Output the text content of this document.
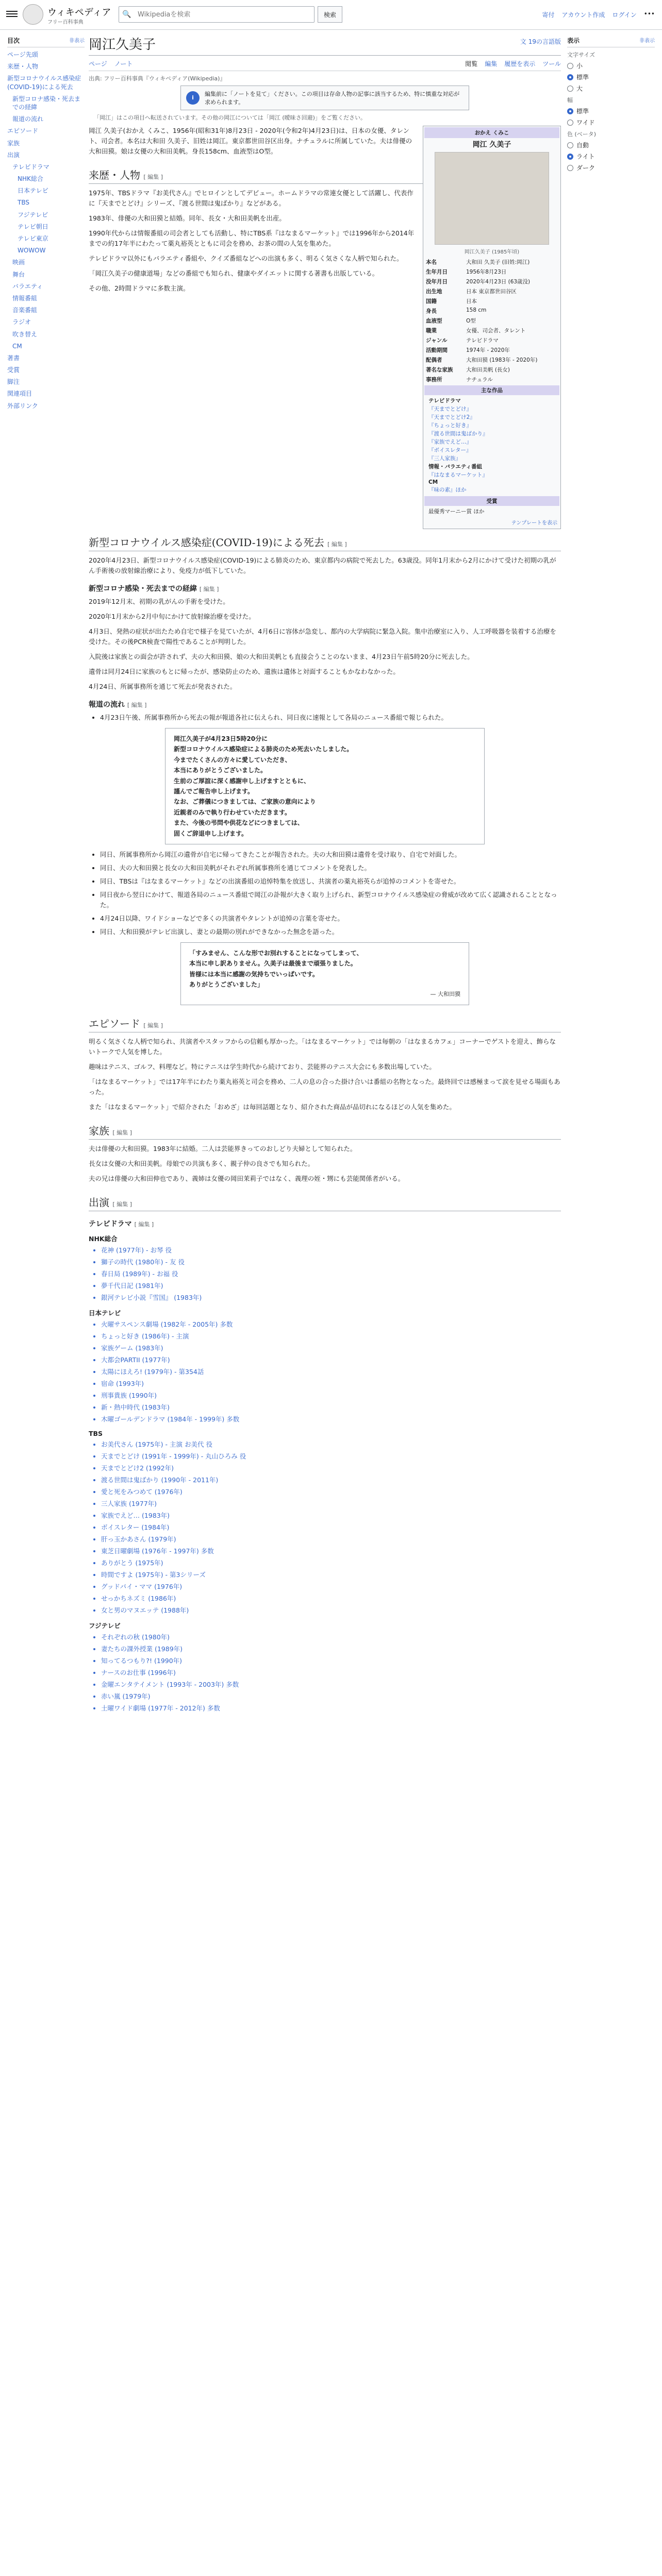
ウィキペディア
フリー百科事典
🔍
Wikipediaを検索	検索	寄付 アカウント作成 ログイン •••
目次	非表示
ページ先頭
来歴・人物
新型コロナウイルス感染症(COVID-19)による死去
新型コロナ感染・死去までの経緯
報道の流れ
エピソード
家族
出演
テレビドラマ
NHK総合
日本テレビ
TBS
フジテレビ
テレビ朝日
テレビ東京
WOWOW
映画
舞台
バラエティ
情報番組
音楽番組
ラジオ
吹き替え
CM
著書
受賞
脚注
関連項目
外部リンク
表示	非表示
文字サイズ
小
標準
大
幅
標準
ワイド
色 (ベータ)
自動
ライト
ダーク
岡江久美子	文 19の言語版
ページ ノート	閲覧 編集 履歴を表示 ツール
出典: フリー百科事典『ウィキペディア(Wikipedia)』
i
編集前に「ノートを見て」ください。この項目は存命人物の記事に該当するため、特に慎重な対応が求められます。
「岡江」はこの項目へ転送されています。その他の岡江については「岡江 (曖昧さ回避)」をご覧ください。
おかえ くみこ
岡江 久美子
岡江久美子 (1985年頃)
本名	大和田 久美子 (旧姓:岡江)
生年月日	1956年8月23日
没年月日	2020年4月23日 (63歳没)
出生地	日本 東京都世田谷区
国籍	日本
身長	158 cm
血液型	O型
職業	女優、司会者、タレント
ジャンル	テレビドラマ
活動期間	1974年 - 2020年
配偶者	大和田獏 (1983年 - 2020年)
著名な家族	大和田美帆 (長女)
事務所	ナチュラル
主な作品
テレビドラマ
『天までとどけ』
『天までとどけ2』
『ちょっと好き』
『渡る世間は鬼ばかり』
『家族でえど…』
『ボイスレター』
『三人家族』
情報・バラエティ番組
『はなまるマーケット』
CM
『味の素』ほか
受賞
最優秀マーニー賞 ほか
テンプレートを表示

岡江 久美子(おかえ くみこ、1956年(昭和31年)8月23日 - 2020年(令和2年)4月23日)は、日本の女優、タレント、司会者。本名は大和田 久美子、旧姓は岡江。東京都世田谷区出身。ナチュラルに所属していた。夫は俳優の大和田獏。娘は女優の大和田美帆。身長158cm、血液型はO型。

来歴・人物 [ 編集 ]

1975年、TBSドラマ『お美代さん』でヒロインとしてデビュー。ホームドラマの常連女優として活躍し、代表作に『天までとどけ』シリーズ、『渡る世間は鬼ばかり』などがある。

1983年、俳優の大和田獏と結婚。同年、長女・大和田美帆を出産。

1990年代からは情報番組の司会者としても活動し、特にTBS系『はなまるマーケット』では1996年から2014年までの約17年半にわたって薬丸裕英とともに司会を務め、お茶の間の人気を集めた。

テレビドラマ以外にもバラエティ番組や、クイズ番組などへの出演も多く、明るく気さくな人柄で知られた。

「岡江久美子の健康道場」などの番組でも知られ、健康やダイエットに関する著書も出版している。

その他、2時間ドラマに多数主演。

新型コロナウイルス感染症(COVID-19)による死去 [ 編集 ]

2020年4月23日、新型コロナウイルス感染症(COVID-19)による肺炎のため、東京都内の病院で死去した。63歳没。同年1月末から2月にかけて受けた初期の乳がん手術後の放射線治療により、免疫力が低下していた。

新型コロナ感染・死去までの経緯 [ 編集 ]

2019年12月末、初期の乳がんの手術を受けた。

2020年1月末から2月中旬にかけて放射線治療を受けた。

4月3日、発熱の症状が出たため自宅で様子を見ていたが、4月6日に容体が急変し、都内の大学病院に緊急入院。集中治療室に入り、人工呼吸器を装着する治療を受けた。その後PCR検査で陽性であることが判明した。

入院後は家族との面会が許されず、夫の大和田獏、娘の大和田美帆とも直接会うことのないまま、4月23日午前5時20分に死去した。

遺骨は同月24日に家族のもとに帰ったが、感染防止のため、遺族は遺体と対面することもかなわなかった。

4月24日、所属事務所を通じて死去が発表された。

報道の流れ [ 編集 ]
• 4月23日午後、所属事務所から死去の報が報道各社に伝えられ、同日夜に速報として各局のニュース番組で報じられた。
岡江久美子が4月23日5時20分に
新型コロナウイルス感染症による肺炎のため死去いたしました。
今までたくさんの方々に愛していただき、
本当にありがとうございました。
生前のご厚誼に深く感謝申し上げますとともに、
謹んでご報告申し上げます。
なお、ご葬儀につきましては、ご家族の意向により
近親者のみで執り行わせていただきます。
また、今後の弔問や供花などにつきましては、
固くご辞退申し上げます。
• 同日、所属事務所から岡江の遺骨が自宅に帰ってきたことが報告された。夫の大和田獏は遺骨を受け取り、自宅で対面した。
• 同日、夫の大和田獏と長女の大和田美帆がそれぞれ所属事務所を通じてコメントを発表した。
• 同日、TBSは『はなまるマーケット』などの出演番組の追悼特集を放送し、共演者の薬丸裕英らが追悼のコメントを寄せた。
• 同日夜から翌日にかけて、報道各局のニュース番組で岡江の訃報が大きく取り上げられ、新型コロナウイルス感染症の脅威が改めて広く認識されることとなった。
• 4月24日以降、ワイドショーなどで多くの共演者やタレントが追悼の言葉を寄せた。
• 同日、大和田獏がテレビ出演し、妻との最期の別れができなかった無念を語った。
「すみません、こんな形でお別れすることになってしまって、
本当に申し訳ありません。久美子は最後まで頑張りました。
皆様には本当に感謝の気持ちでいっぱいです。
ありがとうございました」
— 大和田獏
エピソード [ 編集 ]

明るく気さくな人柄で知られ、共演者やスタッフからの信頼も厚かった。「はなまるマーケット」では毎朝の「はなまるカフェ」コーナーでゲストを迎え、飾らないトークで人気を博した。

趣味はテニス、ゴルフ、料理など。特にテニスは学生時代から続けており、芸能界のテニス大会にも多数出場していた。

「はなまるマーケット」では17年半にわたり薬丸裕英と司会を務め、二人の息の合った掛け合いは番組の名物となった。最終回では感極まって涙を見せる場面もあった。

また「はなまるマーケット」で紹介された「おめざ」は毎回話題となり、紹介された商品が品切れになるほどの人気を集めた。

家族 [ 編集 ]

夫は俳優の大和田獏。1983年に結婚。二人は芸能界きってのおしどり夫婦として知られた。

長女は女優の大和田美帆。母娘での共演も多く、親子仲の良さでも知られた。

夫の兄は俳優の大和田伸也であり、義姉は女優の岡田茉莉子ではなく、義理の姪・甥にも芸能関係者がいる。

出演 [ 編集 ]
テレビドラマ [ 編集 ]
NHK総合
• 花神 (1977年) - お琴 役
• 獅子の時代 (1980年) - 友 役
• 春日局 (1989年) - お福 役
• 夢千代日記 (1981年)
• 銀河テレビ小説『雪国』 (1983年)
日本テレビ
• 火曜サスペンス劇場 (1982年 - 2005年) 多数
• ちょっと好き (1986年) - 主演
• 家族ゲーム (1983年)
• 大都会PARTII (1977年)
• 太陽にほえろ! (1979年) - 第354話
• 宿命 (1993年)
• 刑事貴族 (1990年)
• 新・熱中時代 (1983年)
• 木曜ゴールデンドラマ (1984年 - 1999年) 多数
TBS
• お美代さん (1975年) - 主演 お美代 役
• 天までとどけ (1991年 - 1999年) - 丸山ひろみ 役
• 天までとどけ2 (1992年)
• 渡る世間は鬼ばかり (1990年 - 2011年)
• 愛と死をみつめて (1976年)
• 三人家族 (1977年)
• 家族でえど… (1983年)
• ボイスレター (1984年)
• 肝っ玉かあさん (1979年)
• 東芝日曜劇場 (1976年 - 1997年) 多数
• ありがとう (1975年)
• 時間ですよ (1975年) - 第3シリーズ
• グッドバイ・ママ (1976年)
• せっかちネズミ (1986年)
• 女と男のマヌエッテ (1988年)
フジテレビ
• それぞれの秋 (1980年)
• 妻たちの課外授業 (1989年)
• 知ってるつもり?! (1990年)
• ナースのお仕事 (1996年)
• 金曜エンタテイメント (1993年 - 2003年) 多数
• 赤い嵐 (1979年)
• 土曜ワイド劇場 (1977年 - 2012年) 多数
